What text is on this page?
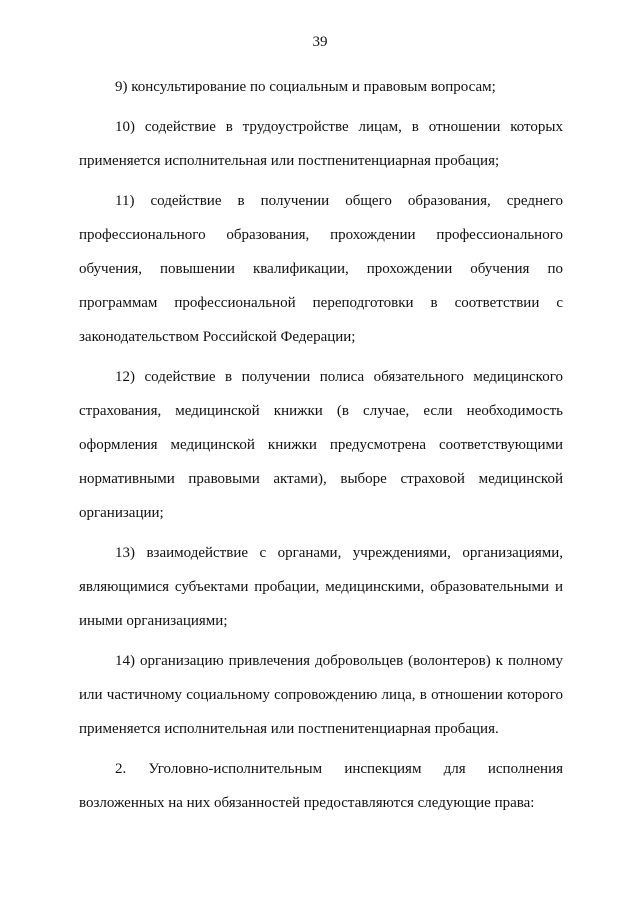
39

9) консультирование по социальным и правовым вопросам;

10) содействие в трудоустройстве лицам, в отношении которых применяется исполнительная или постпенитенциарная пробация;

11) содействие в получении общего образования, среднего профессионального образования, прохождении профессионального обучения, повышении квалификации, прохождении обучения по программам профессиональной переподготовки в соответствии с законодательством Российской Федерации;

12) содействие в получении полиса обязательного медицинского страхования, медицинской книжки (в случае, если необходимость оформления медицинской книжки предусмотрена соответствующими нормативными правовыми актами), выборе страховой медицинской организации;

13) взаимодействие с органами, учреждениями, организациями, являющимися субъектами пробации, медицинскими, образовательными и иными организациями;

14) организацию привлечения добровольцев (волонтеров) к полному или частичному социальному сопровождению лица, в отношении которого применяется исполнительная или постпенитенциарная пробация.

2. Уголовно-исполнительным инспекциям для исполнения возложенных на них обязанностей предоставляются следующие права:
